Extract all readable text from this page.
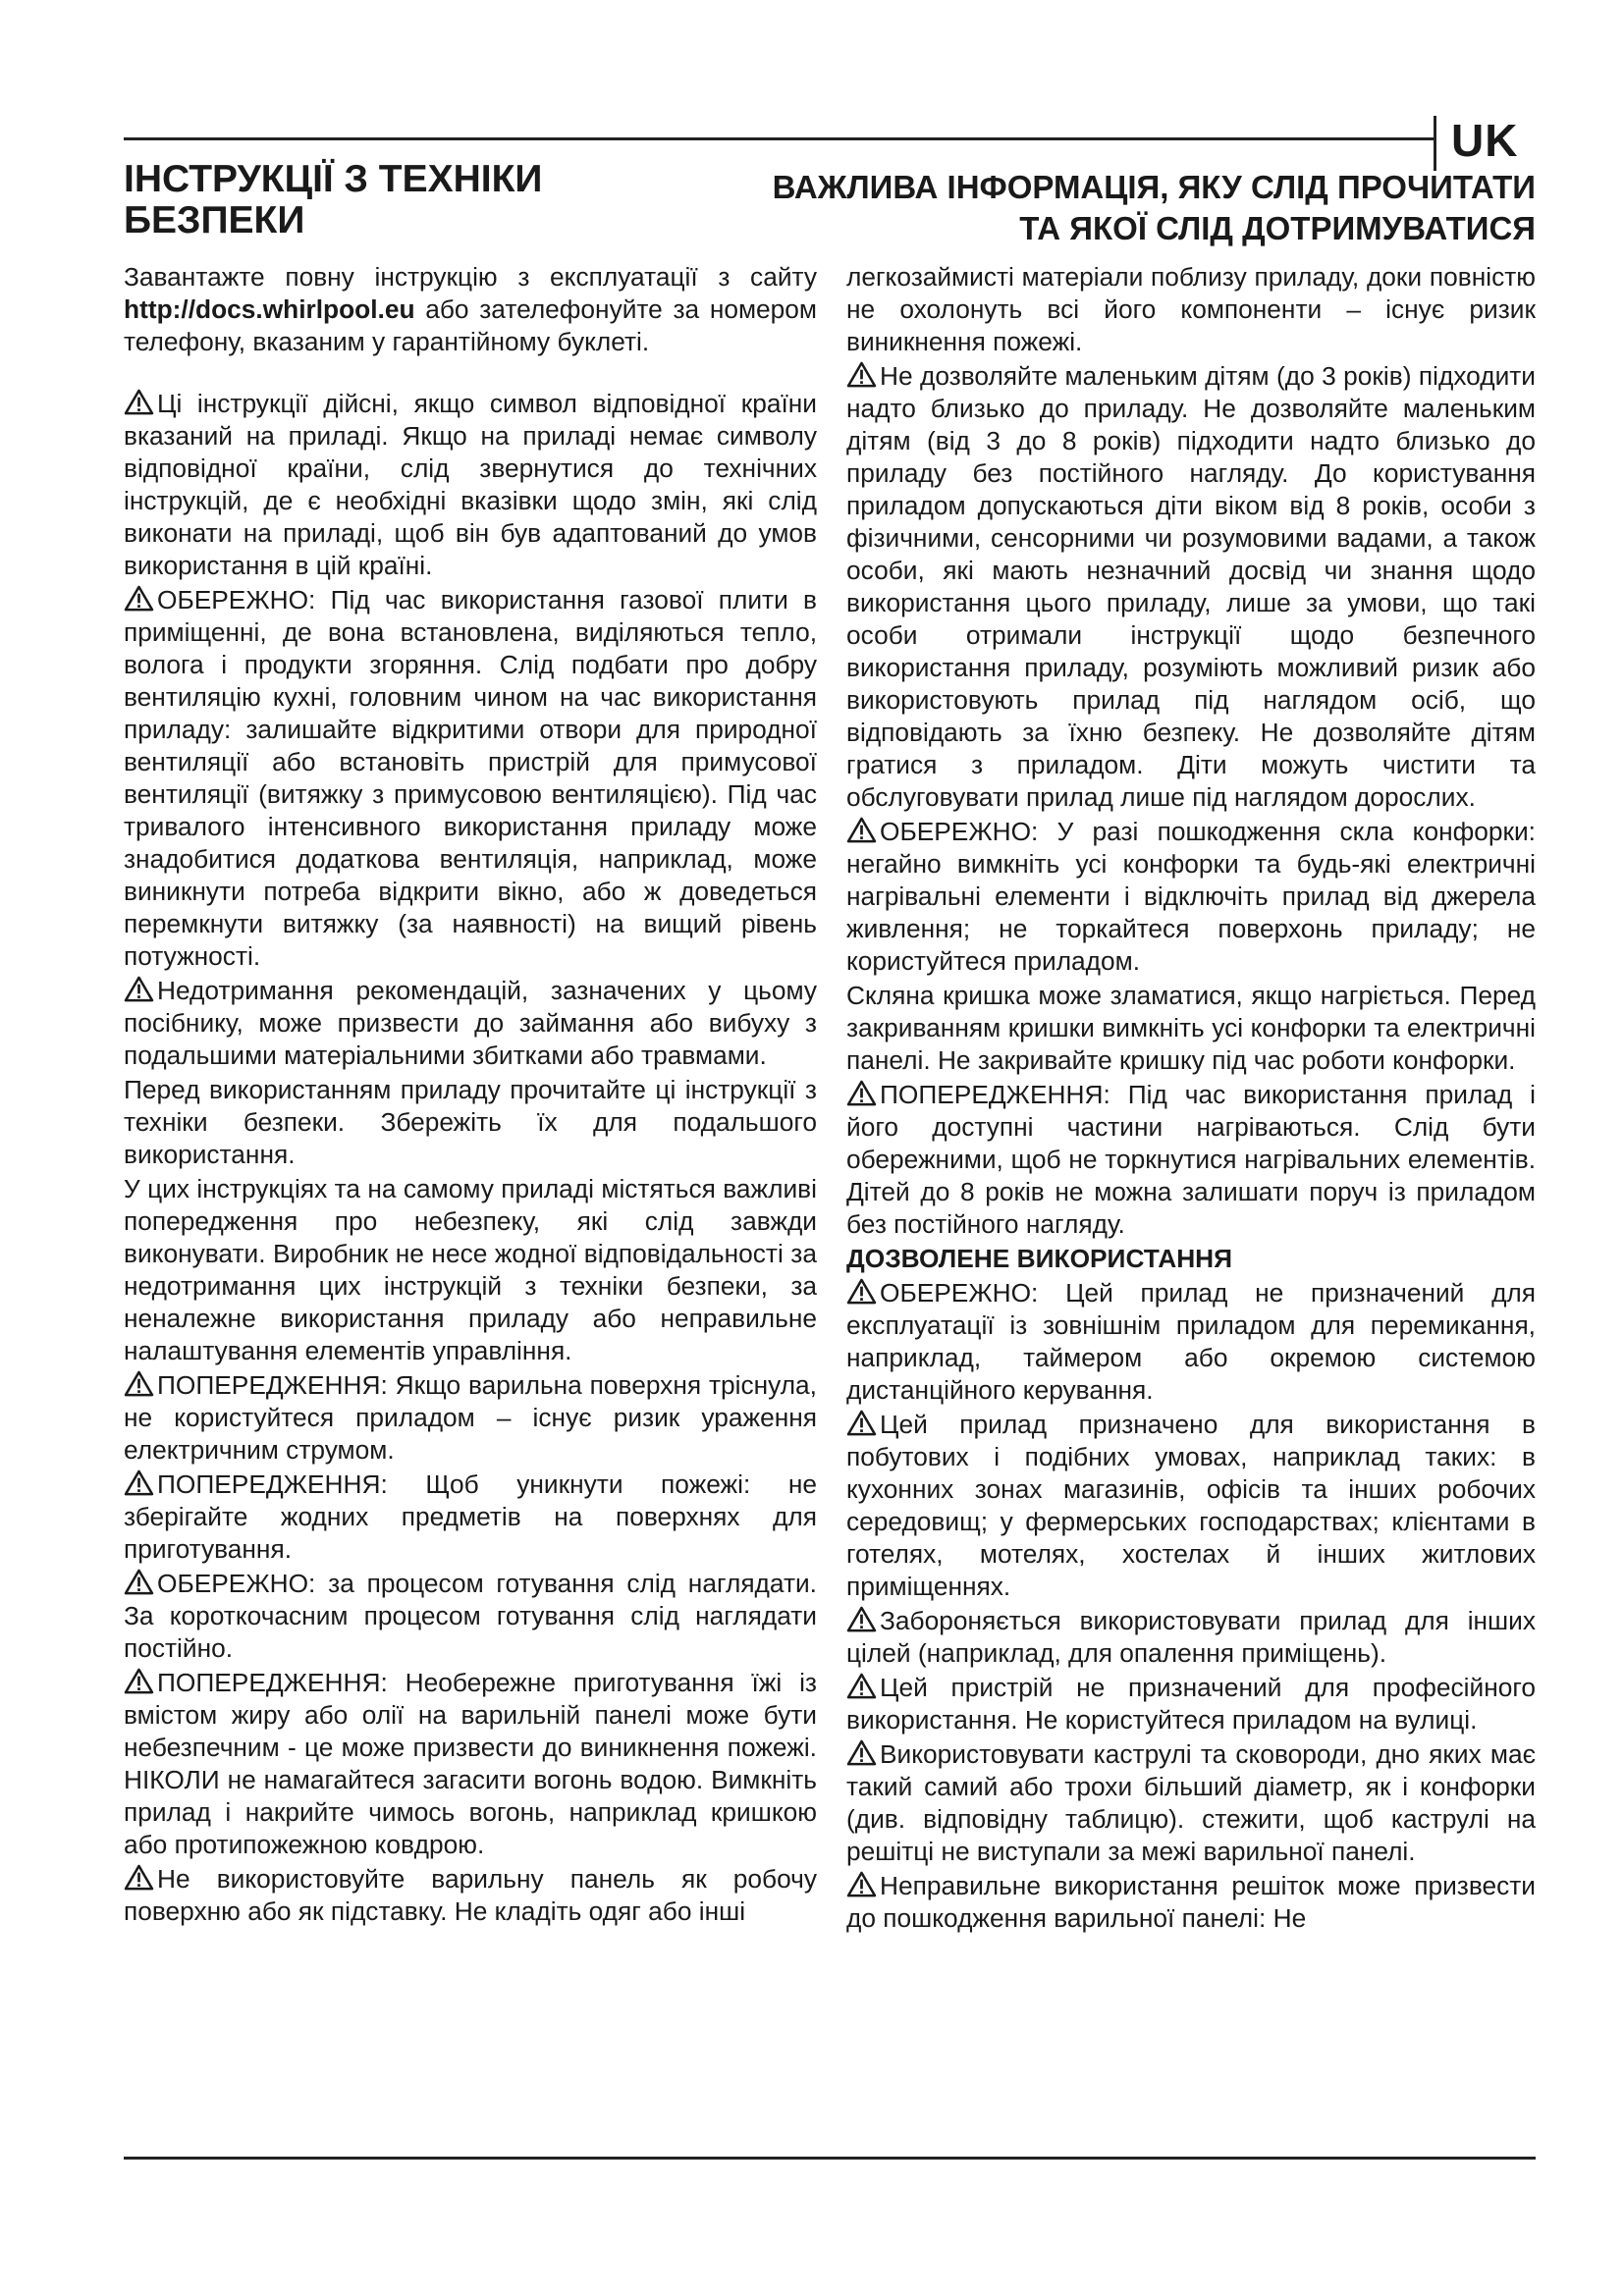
UK
ІНСТРУКЦІЇ З ТЕХНІКИ БЕЗПЕКИ
ВАЖЛИВА ІНФОРМАЦІЯ, ЯКУ СЛІД ПРОЧИТАТИ
ТА ЯКОЇ СЛІД ДОТРИМУВАТИСЯ

Завантажте повну інструкцію з експлуатації з сайту http://docs.whirlpool.eu або зателефонуйте за номером телефону, вказаним у гарантійному буклеті.

Ці інструкції дійсні, якщо символ відповідної країни вказаний на приладі. Якщо на приладі немає символу відповідної країни, слід звернутися до технічних інструкцій, де є необхідні вказівки щодо змін, які слід виконати на приладі, щоб він був адаптований до умов використання в цій країні.

ОБЕРЕЖНО: Під час використання газової плити в приміщенні, де вона встановлена, виділяються тепло, волога і продукти згоряння. Слід подбати про добру вентиляцію кухні, головним чином на час використання приладу: залишайте відкритими отвори для природної вентиляції або встановіть пристрій для примусової вентиляції (витяжку з примусовою вентиляцією). Під час тривалого інтенсивного використання приладу може знадобитися додаткова вентиляція, наприклад, може виникнути потреба відкрити вікно, або ж доведеться перемкнути витяжку (за наявності) на вищий рівень потужності.

Недотримання рекомендацій, зазначених у цьому посібнику, може призвести до займання або вибуху з подальшими матеріальними збитками або травмами.

Перед використанням приладу прочитайте ці інструкції з техніки безпеки. Збережіть їх для подальшого використання.

У цих інструкціях та на самому приладі містяться важливі попередження про небезпеку, які слід завжди виконувати. Виробник не несе жодної відповідальності за недотримання цих інструкцій з техніки безпеки, за неналежне використання приладу або неправильне налаштування елементів управління.

ПОПЕРЕДЖЕННЯ: Якщо варильна поверхня тріснула, не користуйтеся приладом – існує ризик ураження електричним струмом.

ПОПЕРЕДЖЕННЯ: Щоб уникнути пожежі: не зберігайте жодних предметів на поверхнях для приготування.

ОБЕРЕЖНО: за процесом готування слід наглядати. За короткочасним процесом готування слід наглядати постійно.

ПОПЕРЕДЖЕННЯ: Необережне приготування їжі із вмістом жиру або олії на варильній панелі може бути небезпечним - це може призвести до виникнення пожежі. НІКОЛИ не намагайтеся загасити вогонь водою. Вимкніть прилад і накрийте чимось вогонь, наприклад кришкою або протипожежною ковдрою.

Не використовуйте варильну панель як робочу поверхню або як підставку. Не кладіть одяг або інші

легкозаймисті матеріали поблизу приладу, доки повністю не охолонуть всі його компоненти – існує ризик виникнення пожежі.

Не дозволяйте маленьким дітям (до 3 років) підходити надто близько до приладу. Не дозволяйте маленьким дітям (від 3 до 8 років) підходити надто близько до приладу без постійного нагляду. До користування приладом допускаються діти віком від 8 років, особи з фізичними, сенсорними чи розумовими вадами, а також особи, які мають незначний досвід чи знання щодо використання цього приладу, лише за умови, що такі особи отримали інструкції щодо безпечного використання приладу, розуміють можливий ризик або використовують прилад під наглядом осіб, що відповідають за їхню безпеку. Не дозволяйте дітям гратися з приладом. Діти можуть чистити та обслуговувати прилад лише під наглядом дорослих.

ОБЕРЕЖНО: У разі пошкодження скла конфорки: негайно вимкніть усі конфорки та будь-які електричні нагрівальні елементи і відключіть прилад від джерела живлення; не торкайтеся поверхонь приладу; не користуйтеся приладом.

Скляна кришка може зламатися, якщо нагріється. Перед закриванням кришки вимкніть усі конфорки та електричні панелі. Не закривайте кришку під час роботи конфорки.

ПОПЕРЕДЖЕННЯ: Під час використання прилад і його доступні частини нагріваються. Слід бути обережними, щоб не торкнутися нагрівальних елементів. Дітей до 8 років не можна залишати поруч із приладом без постійного нагляду.

ДОЗВОЛЕНЕ ВИКОРИСТАННЯ

ОБЕРЕЖНО: Цей прилад не призначений для експлуатації із зовнішнім приладом для перемикання, наприклад, таймером або окремою системою дистанційного керування.

Цей прилад призначено для використання в побутових і подібних умовах, наприклад таких: в кухонних зонах магазинів, офісів та інших робочих середовищ; у фермерських господарствах; клієнтами в готелях, мотелях, хостелах й інших житлових приміщеннях.

Забороняється використовувати прилад для інших цілей (наприклад, для опалення приміщень).

Цей пристрій не призначений для професійного використання. Не користуйтеся приладом на вулиці.

Використовувати каструлі та сковороди, дно яких має такий самий або трохи більший діаметр, як і конфорки (див. відповідну таблицю). стежити, щоб каструлі на решітці не виступали за межі варильної панелі.

Неправильне використання решіток може призвести до пошкодження варильної панелі: Не
